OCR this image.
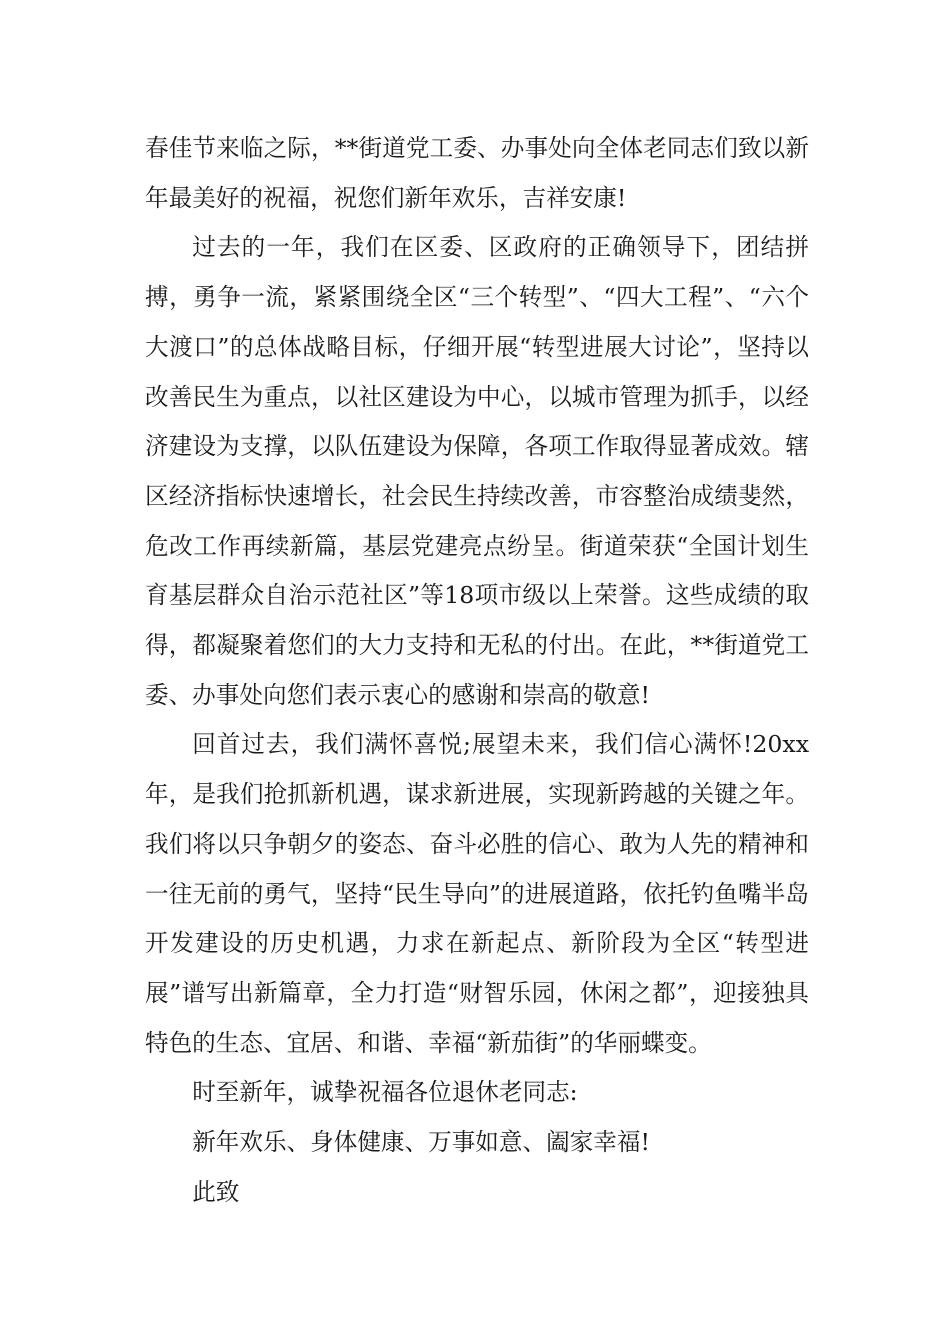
春佳节来临之际，**街道党工委、办事处向全体老同志们致以新年最美好的祝福，祝您们新年欢乐，吉祥安康!

过去的一年，我们在区委、区政府的正确领导下，团结拼搏，勇争一流，紧紧围绕全区“三个转型”、“四大工程”、“六个大渡口”的总体战略目标，仔细开展“转型进展大讨论”，坚持以改善民生为重点，以社区建设为中心，以城市管理为抓手，以经济建设为支撑，以队伍建设为保障，各项工作取得显著成效。辖区经济指标快速增长，社会民生持续改善，市容整治成绩斐然，危改工作再续新篇，基层党建亮点纷呈。街道荣获“全国计划生育基层群众自治示范社区”等18项市级以上荣誉。这些成绩的取得，都凝聚着您们的大力支持和无私的付出。在此，**街道党工委、办事处向您们表示衷心的感谢和崇高的敬意!

回首过去，我们满怀喜悦;展望未来，我们信心满怀!20xx年，是我们抢抓新机遇，谋求新进展，实现新跨越的关键之年。我们将以只争朝夕的姿态、奋斗必胜的信心、敢为人先的精神和一往无前的勇气，坚持“民生导向”的进展道路，依托钓鱼嘴半岛开发建设的历史机遇，力求在新起点、新阶段为全区“转型进展”谱写出新篇章，全力打造“财智乐园，休闲之都”，迎接独具特色的生态、宜居、和谐、幸福“新茄街”的华丽蝶变。

时至新年，诚挚祝福各位退休老同志:

新年欢乐、身体健康、万事如意、阖家幸福!

此致
